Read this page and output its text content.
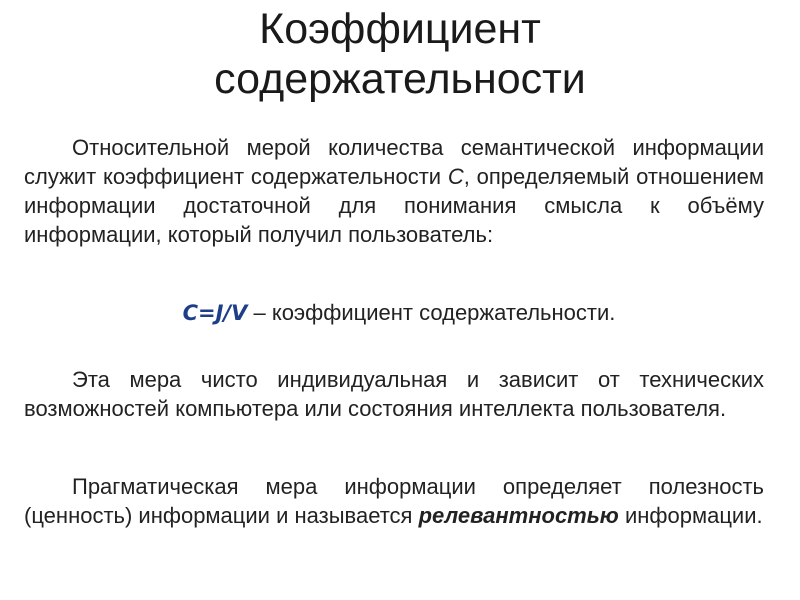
Коэффициент
содержательности

Относительной мерой количества семантической информации служит коэффициент содержательности C, определяемый отношением информации достаточной для понимания смысла к объёму информации, который получил пользователь:

C=J/V – коэффициент содержательности.

Эта мера чисто индивидуальная и зависит от технических возможностей компьютера или состояния интеллекта пользователя.

Прагматическая мера информации определяет полезность (ценность) информации и называется релевантностью информации.
